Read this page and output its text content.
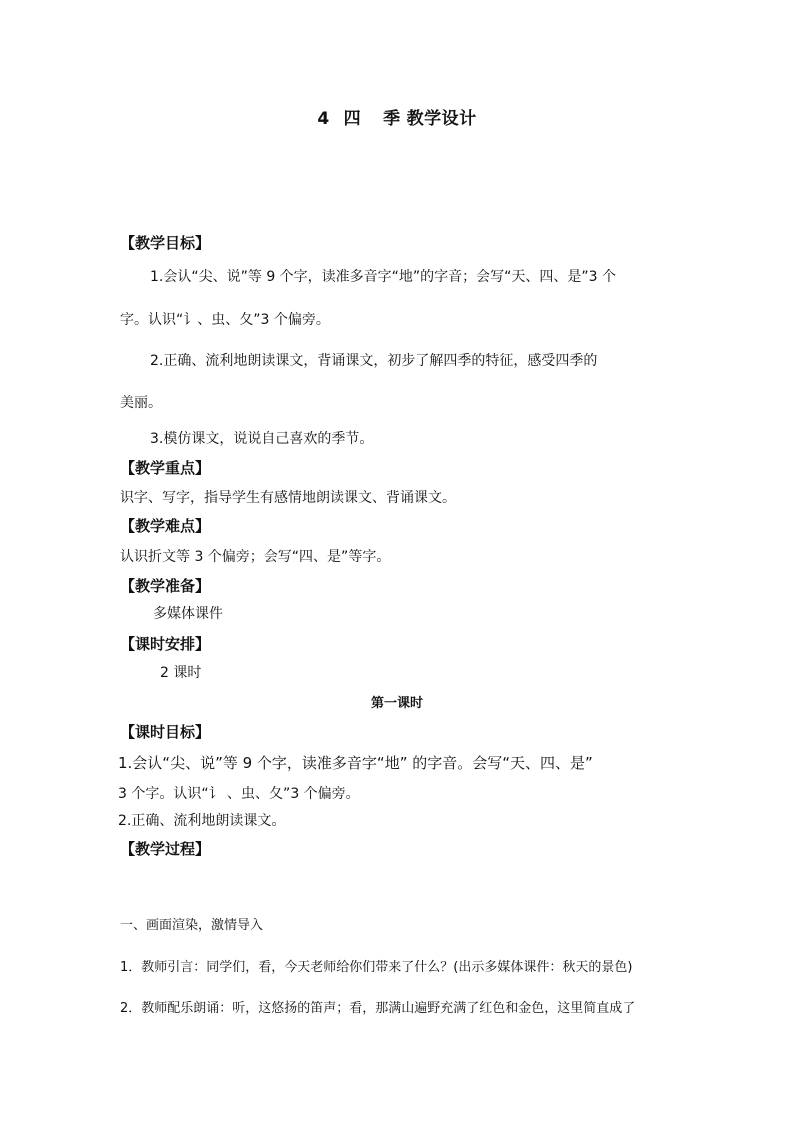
4 四 季 教学设计
【教学目标】
1.会认“尖、说”等 9 个字，读准多音字“地”的字音；会写“天、四、是”3 个
字。认识“讠、虫、夂”3 个偏旁。
2.正确、流利地朗读课文，背诵课文，初步了解四季的特征，感受四季的
美丽。
3.模仿课文，说说自己喜欢的季节。
【教学重点】
识字、写字，指导学生有感情地朗读课文、背诵课文。
【教学难点】
认识折文等 3 个偏旁；会写“四、是”等字。
【教学准备】
多媒体课件
【课时安排】
2 课时
第一课时
【课时目标】
1.会认“尖、说”等 9 个字，读准多音字“地” 的字音。会写“天、四、是”
3 个字。认识“讠 、虫、夂”3 个偏旁。
2.正确、流利地朗读课文。
【教学过程】
一、画面渲染，激情导入
1．教师引言：同学们，看，今天老师给你们带来了什么？(出示多媒体课件：秋天的景色)
2．教师配乐朗诵：听，这悠扬的笛声；看，那满山遍野充满了红色和金色，这里简直成了
